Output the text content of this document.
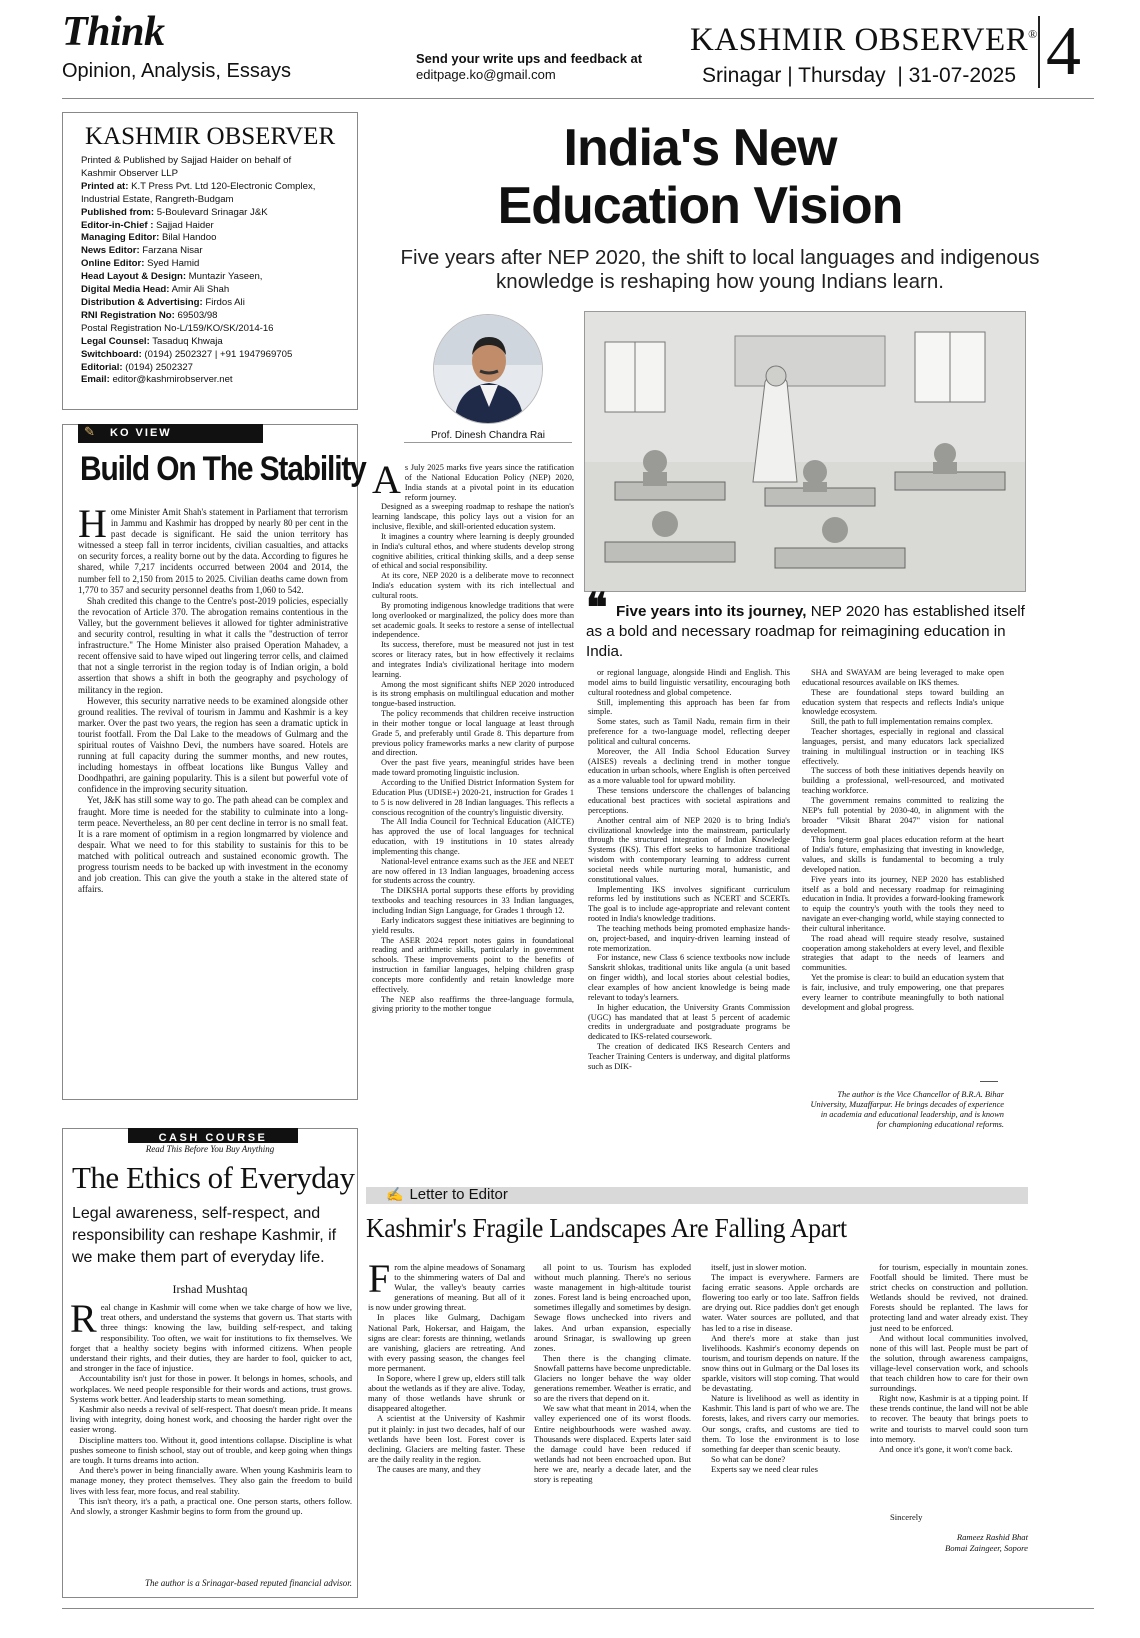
Think
Opinion, Analysis, Essays
Send your write ups and feedback at
editpage.ko@gmail.com
KASHMIR OBSERVER®
Srinagar | Thursday  | 31-07-2025 4
KASHMIR OBSERVER
Printed & Published by Sajjad Haider on behalf of
Kashmir Observer LLP
Printed at: K.T Press Pvt. Ltd 120-Electronic Complex,
Industrial Estate, Rangreth-Budgam
Published from: 5-Boulevard Srinagar J&K
Editor-in-Chief : Sajjad Haider
Managing Editor: Bilal Handoo
News Editor: Farzana Nisar
Online Editor: Syed Hamid
Head Layout & Design: Muntazir Yaseen,
Digital Media Head: Amir Ali Shah
Distribution & Advertising: Firdos Ali
RNI Registration No: 69503/98
Postal Registration No-L/159/KO/SK/2014-16
Legal Counsel: Tasaduq Khwaja
Switchboard: (0194) 2502327 | +91 1947969705
Editorial: (0194) 2502327
Email: editor@kashmirobserver.net
✎ KO VIEW
Build On The Stability

Home Minister Amit Shah's statement in Parliament that terrorism in Jammu and Kashmir has dropped by nearly 80 per cent in the past decade is significant. He said the union territory has witnessed a steep fall in terror incidents, civilian casualties, and attacks on security forces, a reality borne out by the data. According to figures he shared, while 7,217 incidents occurred between 2004 and 2014, the number fell to 2,150 from 2015 to 2025. Civilian deaths came down from 1,770 to 357 and security personnel deaths from 1,060 to 542.

Shah credited this change to the Centre's post-2019 policies, especially the revocation of Article 370. The abrogation remains contentious in the Valley, but the government believes it allowed for tighter administrative and security control, resulting in what it calls the "destruction of terror infrastructure." The Home Minister also praised Operation Mahadev, a recent offensive said to have wiped out lingering terror cells, and claimed that not a single terrorist in the region today is of Indian origin, a bold assertion that shows a shift in both the geography and psychology of militancy in the region.

However, this security narrative needs to be examined alongside other ground realities. The revival of tourism in Jammu and Kashmir is a key marker. Over the past two years, the region has seen a dramatic uptick in tourist footfall. From the Dal Lake to the meadows of Gulmarg and the spiritual routes of Vaishno Devi, the numbers have soared. Hotels are running at full capacity during the summer months, and new routes, including homestays in offbeat locations like Bungus Valley and Doodhpathri, are gaining popularity. This is a silent but powerful vote of confidence in the improving security situation.

Yet, J&K has still some way to go. The path ahead can be complex and fraught. More time is needed for the stability to culminate into a long-term peace. Nevertheless, an 80 per cent decline in terror is no small feat. It is a rare moment of optimism in a region longmarred by violence and despair. What we need to for this stability to sustainis for this to be matched with political outreach and sustained economic growth. The progress tourism needs to be backed up with investment in the economy and job creation. This can give the youth a stake in the altered state of affairs.

CASH COURSE
Read This Before You Buy Anything
The Ethics of Everyday
Legal awareness, self-respect, and responsibility can reshape Kashmir, if we make them part of everyday life.
Irshad Mushtaq

Real change in Kashmir will come when we take charge of how we live, treat others, and understand the systems that govern us. That starts with three things: knowing the law, building self-respect, and taking responsibility. Too often, we wait for institutions to fix themselves. We forget that a healthy society begins with informed citizens. When people understand their rights, and their duties, they are harder to fool, quicker to act, and stronger in the face of injustice.

Accountability isn't just for those in power. It belongs in homes, schools, and workplaces. We need people responsible for their words and actions, trust grows. Systems work better. And leadership starts to mean something.

Kashmir also needs a revival of self-respect. That doesn't mean pride. It means living with integrity, doing honest work, and choosing the harder right over the easier wrong.

Discipline matters too. Without it, good intentions collapse. Discipline is what pushes someone to finish school, stay out of trouble, and keep going when things are tough. It turns dreams into action.

And there's power in being financially aware. When young Kashmiris learn to manage money, they protect themselves. They also gain the freedom to build lives with less fear, more focus, and real stability.

This isn't theory, it's a path, a practical one. One person starts, others follow. And slowly, a stronger Kashmir begins to form from the ground up.

The author is a Srinagar-based reputed financial advisor.
India's New
Education Vision
Five years after NEP 2020, the shift to local languages and indigenous knowledge is reshaping how young Indians learn.
Prof. Dinesh Chandra Rai
❝ Five years into its journey, NEP 2020 has established itself as a bold and necessary roadmap for reimagining education in India.

As July 2025 marks five years since the ratification of the National Education Policy (NEP) 2020, India stands at a pivotal point in its education reform journey.

Designed as a sweeping roadmap to reshape the nation's learning landscape, this policy lays out a vision for an inclusive, flexible, and skill-oriented education system.

It imagines a country where learning is deeply grounded in India's cultural ethos, and where students develop strong cognitive abilities, critical thinking skills, and a deep sense of ethical and social responsibility.

At its core, NEP 2020 is a deliberate move to reconnect India's education system with its rich intellectual and cultural roots.

By promoting indigenous knowledge traditions that were long overlooked or marginalized, the policy does more than set academic goals. It seeks to restore a sense of intellectual independence.

Its success, therefore, must be measured not just in test scores or literacy rates, but in how effectively it reclaims and integrates India's civilizational heritage into modern learning.

Among the most significant shifts NEP 2020 introduced is its strong emphasis on multilingual education and mother tongue-based instruction.

The policy recommends that children receive instruction in their mother tongue or local language at least through Grade 5, and preferably until Grade 8. This departure from previous policy frameworks marks a new clarity of purpose and direction.

Over the past five years, meaningful strides have been made toward promoting linguistic inclusion.

According to the Unified District Information System for Education Plus (UDISE+) 2020-21, instruction for Grades 1 to 5 is now delivered in 28 Indian languages. This reflects a conscious recognition of the country's linguistic diversity.

The All India Council for Technical Education (AICTE) has approved the use of local languages for technical education, with 19 institutions in 10 states already implementing this change.

National-level entrance exams such as the JEE and NEET are now offered in 13 Indian languages, broadening access for students across the country.

The DIKSHA portal supports these efforts by providing textbooks and teaching resources in 33 Indian languages, including Indian Sign Language, for Grades 1 through 12.

Early indicators suggest these initiatives are beginning to yield results.

The ASER 2024 report notes gains in foundational reading and arithmetic skills, particularly in government schools. These improvements point to the benefits of instruction in familiar languages, helping children grasp concepts more confidently and retain knowledge more effectively.

The NEP also reaffirms the three-language formula, giving priority to the mother tongue

or regional language, alongside Hindi and English. This model aims to build linguistic versatility, encouraging both cultural rootedness and global competence.

Still, implementing this approach has been far from simple.

Some states, such as Tamil Nadu, remain firm in their preference for a two-language model, reflecting deeper political and cultural concerns.

Moreover, the All India School Education Survey (AISES) reveals a declining trend in mother tongue education in urban schools, where English is often perceived as a more valuable tool for upward mobility.

These tensions underscore the challenges of balancing educational best practices with societal aspirations and perceptions.

Another central aim of NEP 2020 is to bring India's civilizational knowledge into the mainstream, particularly through the structured integration of Indian Knowledge Systems (IKS). This effort seeks to harmonize traditional wisdom with contemporary learning to address current societal needs while nurturing moral, humanistic, and constitutional values.

Implementing IKS involves significant curriculum reforms led by institutions such as NCERT and SCERTs. The goal is to include age-appropriate and relevant content rooted in India's knowledge traditions.

The teaching methods being promoted emphasize hands-on, project-based, and inquiry-driven learning instead of rote memorization.

For instance, new Class 6 science textbooks now include Sanskrit shlokas, traditional units like angula (a unit based on finger width), and local stories about celestial bodies, clear examples of how ancient knowledge is being made relevant to today's learners.

In higher education, the University Grants Commission (UGC) has mandated that at least 5 percent of academic credits in undergraduate and postgraduate programs be dedicated to IKS-related coursework.

The creation of dedicated IKS Research Centers and Teacher Training Centers is underway, and digital platforms such as DIK-

SHA and SWAYAM are being leveraged to make open educational resources available on IKS themes.

These are foundational steps toward building an education system that respects and reflects India's unique knowledge ecosystem.

Still, the path to full implementation remains complex.

Teacher shortages, especially in regional and classical languages, persist, and many educators lack specialized training in multilingual instruction or in teaching IKS effectively.

The success of both these initiatives depends heavily on building a professional, well-resourced, and motivated teaching workforce.

The government remains committed to realizing the NEP's full potential by 2030-40, in alignment with the broader "Viksit Bharat 2047" vision for national development.

This long-term goal places education reform at the heart of India's future, emphasizing that investing in knowledge, values, and skills is fundamental to becoming a truly developed nation.

Five years into its journey, NEP 2020 has established itself as a bold and necessary roadmap for reimagining education in India. It provides a forward-looking framework to equip the country's youth with the tools they need to navigate an ever-changing world, while staying connected to their cultural inheritance.

The road ahead will require steady resolve, sustained cooperation among stakeholders at every level, and flexible strategies that adapt to the needs of learners and communities.

Yet the promise is clear: to build an education system that is fair, inclusive, and truly empowering, one that prepares every learner to contribute meaningfully to both national development and global progress.

The author is the Vice Chancellor of B.R.A. Bihar University, Muzaffarpur. He brings decades of experience in academia and educational leadership, and is known for championing educational reforms.
✍ Letter to Editor
Kashmir's Fragile Landscapes Are Falling Apart

From the alpine meadows of Sonamarg to the shimmering waters of Dal and Wular, the valley's beauty carries generations of meaning. But all of it is now under growing threat.

In places like Gulmarg, Dachigam National Park, Hokersar, and Haigam, the signs are clear: forests are thinning, wetlands are vanishing, glaciers are retreating. And with every passing season, the changes feel more permanent.

In Sopore, where I grew up, elders still talk about the wetlands as if they are alive. Today, many of those wetlands have shrunk or disappeared altogether.

A scientist at the University of Kashmir put it plainly: in just two decades, half of our wetlands have been lost. Forest cover is declining. Glaciers are melting faster. These are the daily reality in the region.

The causes are many, and they

all point to us. Tourism has exploded without much planning. There's no serious waste management in high-altitude tourist zones. Forest land is being encroached upon, sometimes illegally and sometimes by design. Sewage flows unchecked into rivers and lakes. And urban expansion, especially around Srinagar, is swallowing up green zones.

Then there is the changing climate. Snowfall patterns have become unpredictable. Glaciers no longer behave the way older generations remember. Weather is erratic, and so are the rivers that depend on it.

We saw what that meant in 2014, when the valley experienced one of its worst floods. Entire neighbourhoods were washed away. Thousands were displaced. Experts later said the damage could have been reduced if wetlands had not been encroached upon. But here we are, nearly a decade later, and the story is repeating

itself, just in slower motion.

The impact is everywhere. Farmers are facing erratic seasons. Apple orchards are flowering too early or too late. Saffron fields are drying out. Rice paddies don't get enough water. Water sources are polluted, and that has led to a rise in disease.

And there's more at stake than just livelihoods. Kashmir's economy depends on tourism, and tourism depends on nature. If the snow thins out in Gulmarg or the Dal loses its sparkle, visitors will stop coming. That would be devastating.

Nature is livelihood as well as identity in Kashmir. This land is part of who we are. The forests, lakes, and rivers carry our memories. Our songs, crafts, and customs are tied to them. To lose the environment is to lose something far deeper than scenic beauty.

So what can be done?

Experts say we need clear rules

for tourism, especially in mountain zones. Footfall should be limited. There must be strict checks on construction and pollution. Wetlands should be revived, not drained. Forests should be replanted. The laws for protecting land and water already exist. They just need to be enforced.

And without local communities involved, none of this will last. People must be part of the solution, through awareness campaigns, village-level conservation work, and schools that teach children how to care for their own surroundings.

Right now, Kashmir is at a tipping point. If these trends continue, the land will not be able to recover. The beauty that brings poets to write and tourists to marvel could soon turn into memory.

And once it's gone, it won't come back.

Sincerely
Rameez Rashid Bhat
Bomai Zaingeer, Sopore
